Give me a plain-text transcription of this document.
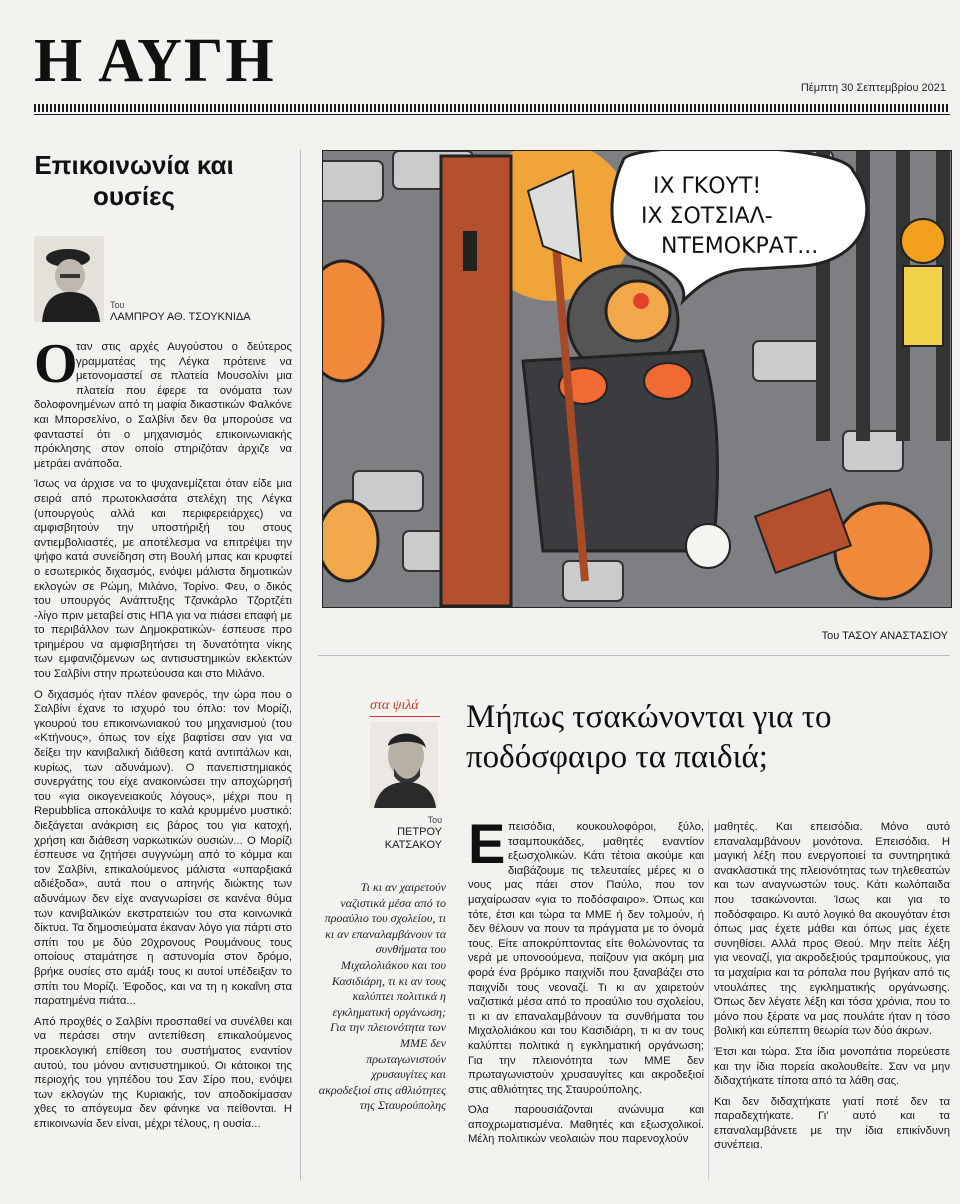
Η ΑΥΓΗ	Πέμπτη 30 Σεπτεμβρίου 2021
Επικοινωνία και ουσίες
Του
ΛΑΜΠΡΟΥ ΑΘ. ΤΣΟΥΚΝΙΔΑ

Ο
ταν στις αρχές Αυγούστου ο δεύτερος γραμματέας της Λέγκα πρότεινε να μετονομαστεί σε πλατεία Μουσολίνι μια πλατεία που έφερε τα ονόματα των δολοφονημένων από τη μαφία δικαστικών Φαλκόνε και Μπορσελίνο, ο Σαλβίνι δεν θα μπορούσε να φανταστεί ότι ο μηχανισμός επικοινωνιακής πρόκλησης στον οποίο στηριζόταν άρχιζε να μετράει ανάποδα.

Ίσως να άρχισε να το ψυχανεμίζεται όταν είδε μια σειρά από πρωτοκλασάτα στελέχη της Λέγκα (υπουργούς αλλά και περιφερειάρχες) να αμφισβητούν την υποστήριξή του στους αντιεμβολιαστές, με αποτέλεσμα να επιτρέψει την ψήφο κατά συνείδηση στη Βουλή μπας και κρυφτεί ο εσωτερικός διχασμός, ενόψει μάλιστα δημοτικών εκλογών σε Ρώμη, Μιλάνο, Τορίνο. Φευ, ο δικός του υπουργός Ανάπτυξης Τζανκάρλο Τζορτζέτι -λίγο πριν μεταβεί στις ΗΠΑ για να πιάσει επαφή με το περιβάλλον των Δημοκρατικών- έσπευσε προ τριημέρου να αμφισβητήσει τη δυνατότητα νίκης των εμφανιζόμενων ως αντισυστημικών εκλεκτών του Σαλβίνι στην πρωτεύουσα και στο Μιλάνο.

Ο διχασμός ήταν πλέον φανερός, την ώρα που ο Σαλβίνι έχανε το ισχυρό του όπλο: τον Μορίζι, γκουρού του επικοινωνιακού του μηχανισμού (του «Κτήνους», όπως τον είχε βαφτίσει σαν για να δείξει την κανιβαλική διάθεση κατά αντιπάλων και, κυρίως, των αδυνάμων). Ο πανεπιστημιακός συνεργάτης του είχε ανακοινώσει την αποχώρησή του «για οικογενειακούς λόγους», μέχρι που η Repubblica αποκάλυψε το καλά κρυμμένο μυστικό: διεξάγεται ανάκριση εις βάρος του για κατοχή, χρήση και διάθεση ναρκωτικών ουσιών... Ο Μορίζι έσπευσε να ζητήσει συγγνώμη από το κόμμα και τον Σαλβίνι, επικαλούμενος μάλιστα «υπαρξιακά αδιέξοδα», αυτά που ο απηνής διώκτης των αδυνάμων δεν είχε αναγνωρίσει σε κανένα θύμα των κανιβαλικών εκστρατειών του στα κοινωνικά δίκτυα. Τα δημοσιεύματα έκαναν λόγο για πάρτι στο σπίτι του με δύο 20χρονους Ρουμάνους τους οποίους σταμάτησε η αστυνομία στον δρόμο, βρήκε ουσίες στο αμάξι τους κι αυτοί υπέδειξαν το σπίτι του Μορίζι. Έφοδος, και να τη η κοκαΐνη στα παρατημένα πιάτα...

Από προχθές ο Σαλβίνι προσπαθεί να συνέλθει και να περάσει στην αντεπίθεση επικαλούμενος προεκλογική επίθεση του συστήματος εναντίον αυτού, του μόνου αντισυστημικού. Οι κάτοικοι της περιοχής του γηπέδου του Σαν Σίρο που, ενόψει των εκλογών της Κυριακής, τον αποδοκίμασαν χθες το απόγευμα δεν φάνηκε να πείθονται. Η επικοινωνία δεν είναι, μέχρι τέλους, η ουσία...

ΙΧ ΓΚΟΥΤ!
ΙΧ ΣΟΤΣΙΑΛ-
ΝΤΕΜΟΚΡΑΤ...
Του ΤΑΣΟΥ ΑΝΑΣΤΑΣΙΟΥ
στα ψιλά Μήπως τσακώνονται για το ποδόσφαιρο τα παιδιά;
Του
ΠΕΤΡΟΥ ΚΑΤΣΑΚΟΥ
Τι κι αν χαιρετούν ναζιστικά μέσα από το προαύλιο του σχολείου, τι κι αν επαναλαμβάνουν τα συνθήματα του Μιχαλολιάκου και του Κασιδιάρη, τι κι αν τους καλύπτει πολιτικά η εγκληματική οργάνωση; Για την πλειονότητα των ΜΜΕ δεν πρωταγωνιστούν χρυσαυγίτες και ακροδεξιοί στις αθλιότητες της Σταυρούπολης

Επεισόδια, κουκουλοφόροι, ξύλο, τσαμπουκάδες, μαθητές εναντίον εξωσχολικών. Κάτι τέτοια ακούμε και διαβάζουμε τις τελευταίες μέρες κι ο νους μας πάει στον Παύλο, που τον μαχαίρωσαν «για το ποδόσφαιρο». Όπως και τότε, έτσι και τώρα τα ΜΜΕ ή δεν τολμούν, ή δεν θέλουν να πουν τα πράγματα με το όνομά τους. Είτε αποκρύπτοντας είτε θολώνοντας τα νερά με υπονοούμενα, παίζουν για ακόμη μια φορά ένα βρόμικο παιχνίδι που ξαναβάζει στο παιχνίδι τους νεοναζί. Τι κι αν χαιρετούν ναζιστικά μέσα από το προαύλιο του σχολείου, τι κι αν επαναλαμβάνουν τα συνθήματα του Μιχαλολιάκου και του Κασιδιάρη, τι κι αν τους καλύπτει πολιτικά η εγκληματική οργάνωση; Για την πλειονότητα των ΜΜΕ δεν πρωταγωνιστούν χρυσαυγίτες και ακροδεξιοί στις αθλιότητες της Σταυρούπολης.

Όλα παρουσιάζονται ανώνυμα και αποχρωματισμένα. Μαθητές και εξωσχολικοί. Μέλη πολιτικών νεολαιών που παρενοχλούν

μαθητές. Και επεισόδια. Μόνο αυτό επαναλαμβάνουν μονότονα. Επεισόδια. Η μαγική λέξη που ενεργοποιεί τα συντηρητικά ανακλαστικά της πλειονότητας των τηλεθεατών και των αναγνωστών τους. Κάτι κωλόπαιδα που τσακώνονται. Ίσως και για το ποδόσφαιρο. Κι αυτό λογικό θα ακουγόταν έτσι όπως μας έχετε μάθει και όπως μας έχετε συνηθίσει. Αλλά προς Θεού. Μην πείτε λέξη για νεοναζί, για ακροδεξιούς τραμπούκους, για τα μαχαίρια και τα ρόπαλα που βγήκαν από τις ντουλάπες της εγκληματικής οργάνωσης. Όπως δεν λέγατε λέξη και τόσα χρόνια, που το μόνο που ξέρατε να μας πουλάτε ήταν η τόσο βολική και εύπεπτη θεωρία των δύο άκρων.

Έτσι και τώρα. Στα ίδια μονοπάτια πορεύεστε και την ίδια πορεία ακολουθείτε. Σαν να μην διδαχτήκατε τίποτα από τα λάθη σας.

Και δεν διδαχτήκατε γιατί ποτέ δεν τα παραδεχτήκατε. Γι' αυτό και τα επαναλαμβάνετε με την ίδια επικίνδυνη συνέπεια.
